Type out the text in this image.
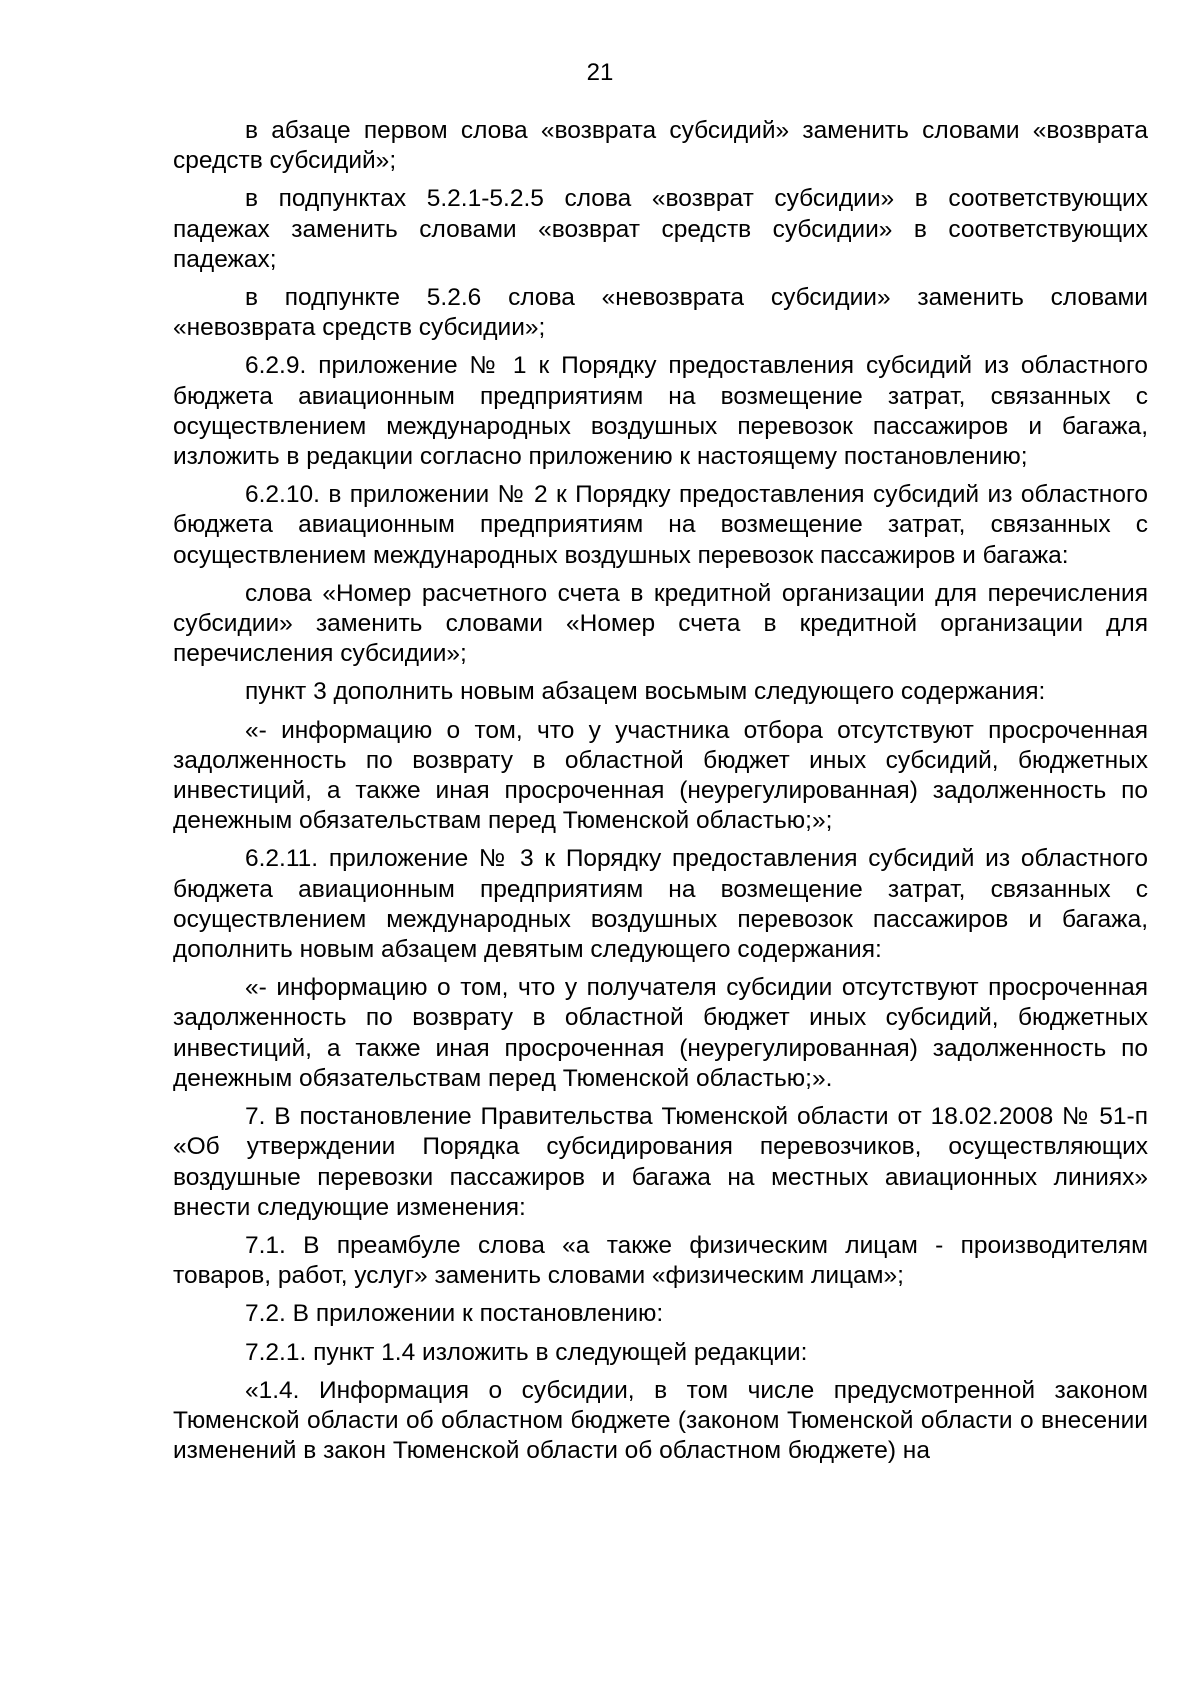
21

в абзаце первом слова «возврата субсидий» заменить словами «возврата средств субсидий»;

в подпунктах 5.2.1-5.2.5 слова «возврат субсидии» в соответствующих падежах заменить словами «возврат средств субсидии» в соответствующих падежах;

в подпункте 5.2.6 слова «невозврата субсидии» заменить словами «невозврата средств субсидии»;

6.2.9. приложение № 1 к Порядку предоставления субсидий из областного бюджета авиационным предприятиям на возмещение затрат, связанных с осуществлением международных воздушных перевозок пассажиров и багажа, изложить в редакции согласно приложению к настоящему постановлению;

6.2.10. в приложении № 2 к Порядку предоставления субсидий из областного бюджета авиационным предприятиям на возмещение затрат, связанных с осуществлением международных воздушных перевозок пассажиров и багажа:

слова «Номер расчетного счета в кредитной организации для перечисления субсидии» заменить словами «Номер счета в кредитной организации для перечисления субсидии»;

пункт 3 дополнить новым абзацем восьмым следующего содержания:

«- информацию о том, что у участника отбора отсутствуют просроченная задолженность по возврату в областной бюджет иных субсидий, бюджетных инвестиций, а также иная просроченная (неурегулированная) задолженность по денежным обязательствам перед Тюменской областью;»;

6.2.11. приложение № 3 к Порядку предоставления субсидий из областного бюджета авиационным предприятиям на возмещение затрат, связанных с осуществлением международных воздушных перевозок пассажиров и багажа, дополнить новым абзацем девятым следующего содержания:

«- информацию о том, что у получателя субсидии отсутствуют просроченная задолженность по возврату в областной бюджет иных субсидий, бюджетных инвестиций, а также иная просроченная (неурегулированная) задолженность по денежным обязательствам перед Тюменской областью;».

7. В постановление Правительства Тюменской области от 18.02.2008 № 51-п «Об утверждении Порядка субсидирования перевозчиков, осуществляющих воздушные перевозки пассажиров и багажа на местных авиационных линиях» внести следующие изменения:

7.1. В преамбуле слова «а также физическим лицам - производителям товаров, работ, услуг» заменить словами «физическим лицам»;

7.2. В приложении к постановлению:

7.2.1. пункт 1.4 изложить в следующей редакции:

«1.4. Информация о субсидии, в том числе предусмотренной законом Тюменской области об областном бюджете (законом Тюменской области о внесении изменений в закон Тюменской области об областном бюджете) на
